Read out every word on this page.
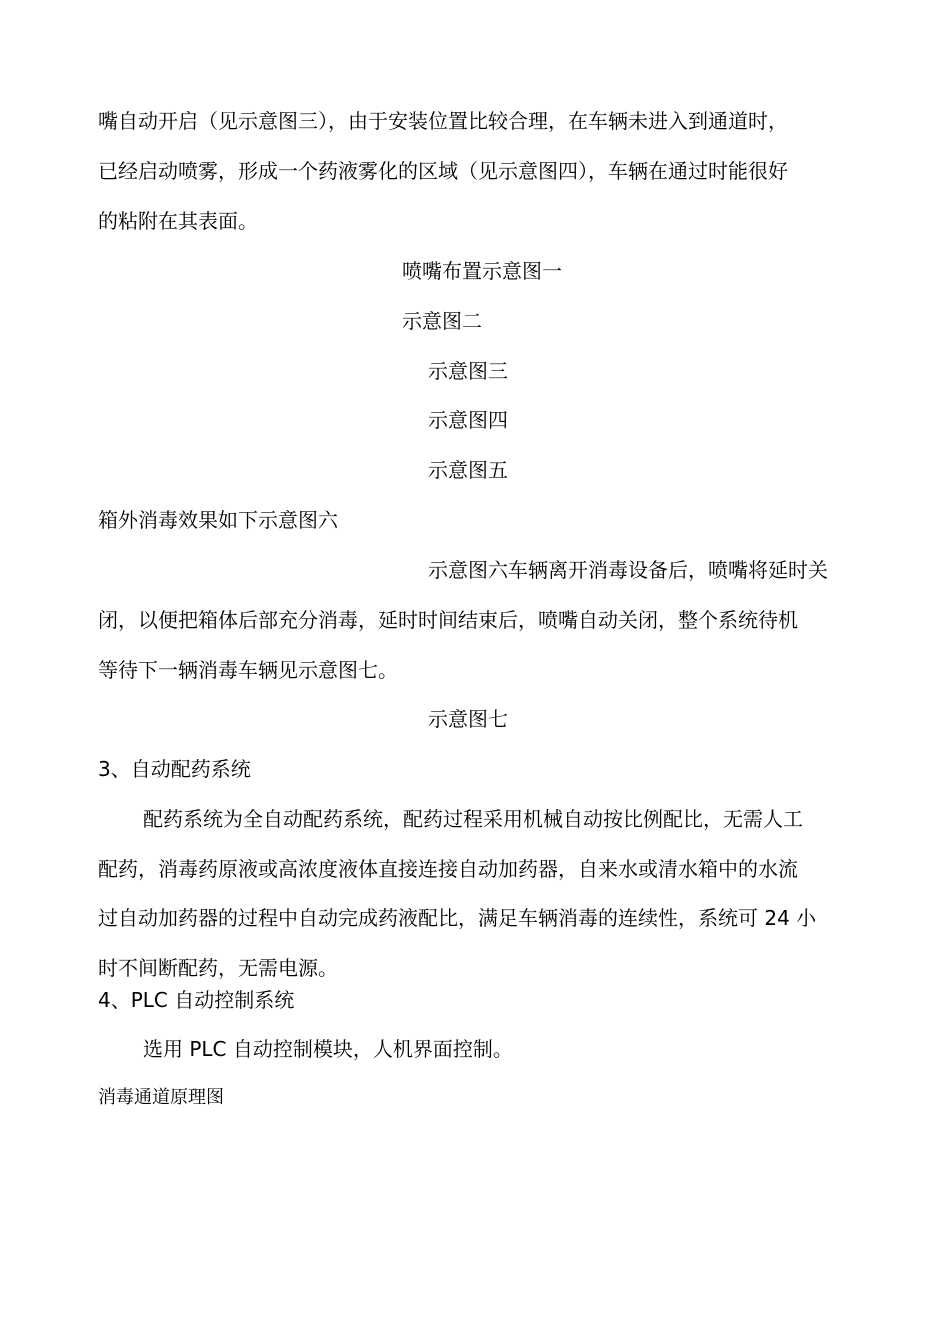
嘴自动开启（见示意图三），由于安装位置比较合理，在车辆未进入到通道时，
已经启动喷雾，形成一个药液雾化的区域（见示意图四），车辆在通过时能很好
的粘附在其表面。
喷嘴布置示意图一
示意图二
示意图三
示意图四
示意图五
箱外消毒效果如下示意图六
示意图六车辆离开消毒设备后，喷嘴将延时关
闭，以便把箱体后部充分消毒，延时时间结束后，喷嘴自动关闭，整个系统待机
等待下一辆消毒车辆见示意图七。
示意图七
3、自动配药系统
配药系统为全自动配药系统，配药过程采用机械自动按比例配比，无需人工
配药，消毒药原液或高浓度液体直接连接自动加药器，自来水或清水箱中的水流
过自动加药器的过程中自动完成药液配比，满足车辆消毒的连续性，系统可 24 小
时不间断配药，无需电源。
4、PLC 自动控制系统
选用 PLC 自动控制模块，人机界面控制。
消毒通道原理图
